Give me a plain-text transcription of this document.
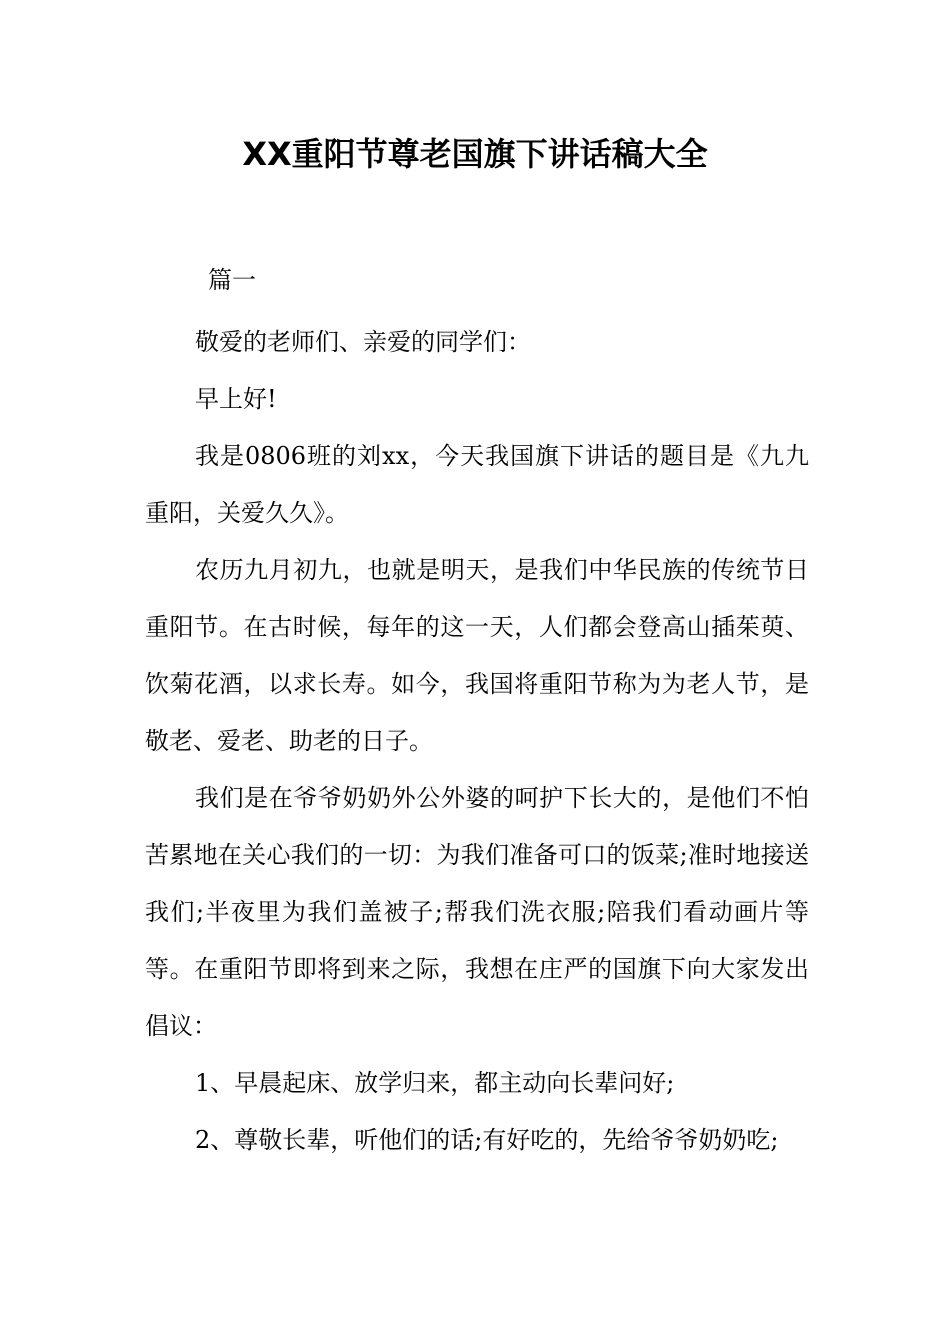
XX重阳节尊老国旗下讲话稿大全
篇一

敬爱的老师们、亲爱的同学们：

早上好!

我是0806班的刘xx，今天我国旗下讲话的题目是《九九重阳，关爱久久》。

农历九月初九，也就是明天，是我们中华民族的传统节日重阳节。在古时候，每年的这一天，人们都会登高山插茱萸、饮菊花酒，以求长寿。如今，我国将重阳节称为为老人节，是敬老、爱老、助老的日子。

我们是在爷爷奶奶外公外婆的呵护下长大的，是他们不怕苦累地在关心我们的一切：为我们准备可口的饭菜;准时地接送我们;半夜里为我们盖被子;帮我们洗衣服;陪我们看动画片等等。在重阳节即将到来之际，我想在庄严的国旗下向大家发出倡议：

1、早晨起床、放学归来，都主动向长辈问好;

2、尊敬长辈，听他们的话;有好吃的，先给爷爷奶奶吃;
